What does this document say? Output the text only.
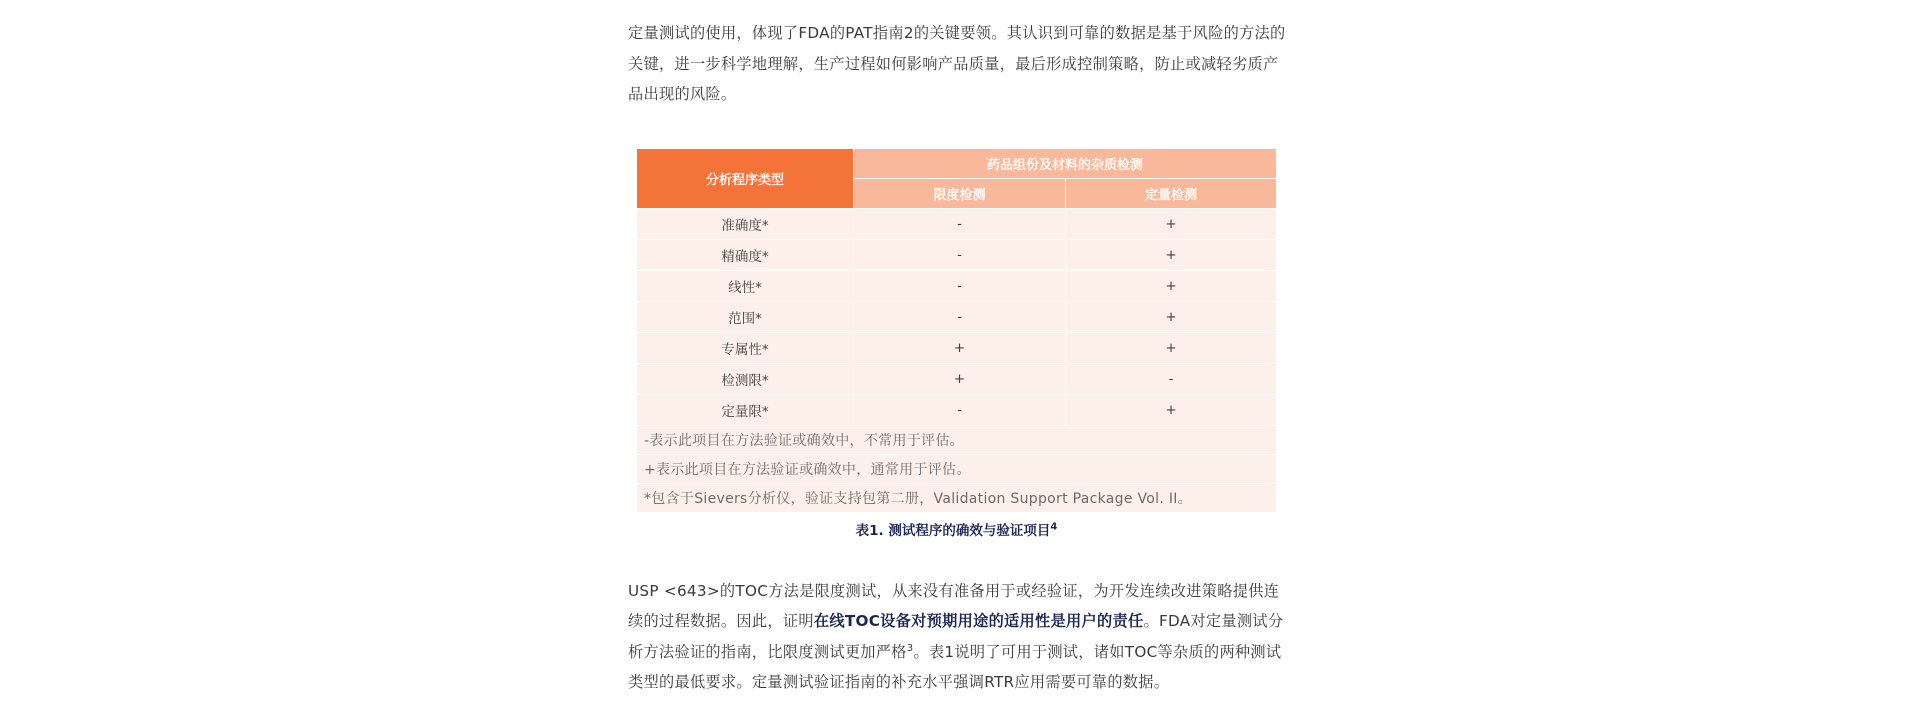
定量测试的使用，体现了FDA的PAT指南2的关键要领。其认识到可靠的数据是基于风险的方法的关键，进一步科学地理解，生产过程如何影响产品质量，最后形成控制策略，防止或减轻劣质产品出现的风险。

分析程序类型	药品组份及材料的杂质检测	
	限度检测	定量检测
准确度*	-	+
精确度*	-	+
线性*	-	+
范围*	-	+
专属性*	+	+
检测限*	+	-
定量限*	-	+
-表示此项目在方法验证或确效中，不常用于评估。		
+表示此项目在方法验证或确效中，通常用于评估。		
*包含于Sievers分析仪，验证支持包第二册，Validation Support Package Vol. II。		
表1. 测试程序的确效与验证项目$^4$

USP <643>的TOC方法是限度测试，从来没有准备用于或经验证，为开发连续改进策略提供连续的过程数据。因此，证明在线TOC设备对预期用途的适用性是用户的责任。FDA对定量测试分析方法验证的指南，比限度测试更加严格$^3$。表1说明了可用于测试，诸如TOC等杂质的两种测试类型的最低要求。定量测试验证指南的补充水平强调RTR应用需要可靠的数据。
